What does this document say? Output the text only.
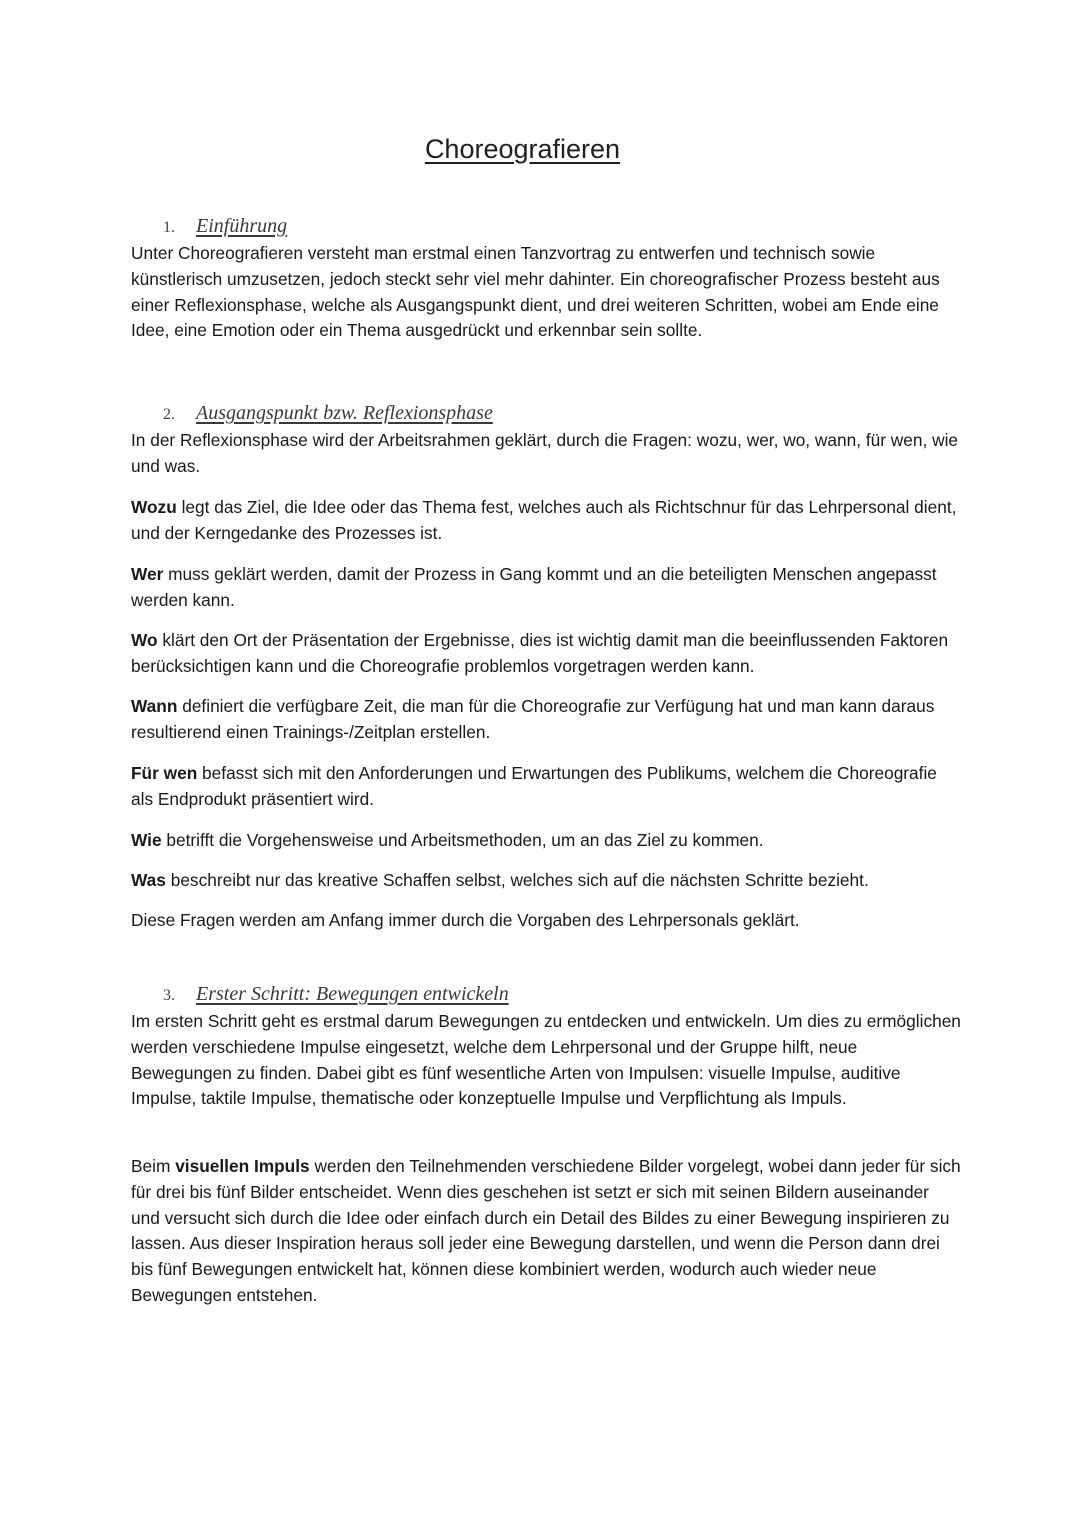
Choreografieren
1. Einführung

Unter Choreografieren versteht man erstmal einen Tanzvortrag zu entwerfen und technisch sowie künstlerisch umzusetzen, jedoch steckt sehr viel mehr dahinter. Ein choreografischer Prozess besteht aus einer Reflexionsphase, welche als Ausgangspunkt dient, und drei weiteren Schritten, wobei am Ende eine Idee, eine Emotion oder ein Thema ausgedrückt und erkennbar sein sollte.

2. Ausgangspunkt bzw. Reflexionsphase

In der Reflexionsphase wird der Arbeitsrahmen geklärt, durch die Fragen: wozu, wer, wo, wann, für wen, wie und was.

Wozu legt das Ziel, die Idee oder das Thema fest, welches auch als Richtschnur für das Lehrpersonal dient, und der Kerngedanke des Prozesses ist.

Wer muss geklärt werden, damit der Prozess in Gang kommt und an die beteiligten Menschen angepasst werden kann.

Wo klärt den Ort der Präsentation der Ergebnisse, dies ist wichtig damit man die beeinflussenden Faktoren berücksichtigen kann und die Choreografie problemlos vorgetragen werden kann.

Wann definiert die verfügbare Zeit, die man für die Choreografie zur Verfügung hat und man kann daraus resultierend einen Trainings-/Zeitplan erstellen.

Für wen befasst sich mit den Anforderungen und Erwartungen des Publikums, welchem die Choreografie als Endprodukt präsentiert wird.

Wie betrifft die Vorgehensweise und Arbeitsmethoden, um an das Ziel zu kommen.

Was beschreibt nur das kreative Schaffen selbst, welches sich auf die nächsten Schritte bezieht.

Diese Fragen werden am Anfang immer durch die Vorgaben des Lehrpersonals geklärt.

3. Erster Schritt: Bewegungen entwickeln

Im ersten Schritt geht es erstmal darum Bewegungen zu entdecken und entwickeln. Um dies zu ermöglichen werden verschiedene Impulse eingesetzt, welche dem Lehrpersonal und der Gruppe hilft, neue Bewegungen zu finden. Dabei gibt es fünf wesentliche Arten von Impulsen: visuelle Impulse, auditive Impulse, taktile Impulse, thematische oder konzeptuelle Impulse und Verpflichtung als Impuls.

Beim visuellen Impuls werden den Teilnehmenden verschiedene Bilder vorgelegt, wobei dann jeder für sich für drei bis fünf Bilder entscheidet. Wenn dies geschehen ist setzt er sich mit seinen Bildern auseinander und versucht sich durch die Idee oder einfach durch ein Detail des Bildes zu einer Bewegung inspirieren zu lassen. Aus dieser Inspiration heraus soll jeder eine Bewegung darstellen, und wenn die Person dann drei bis fünf Bewegungen entwickelt hat, können diese kombiniert werden, wodurch auch wieder neue Bewegungen entstehen.
